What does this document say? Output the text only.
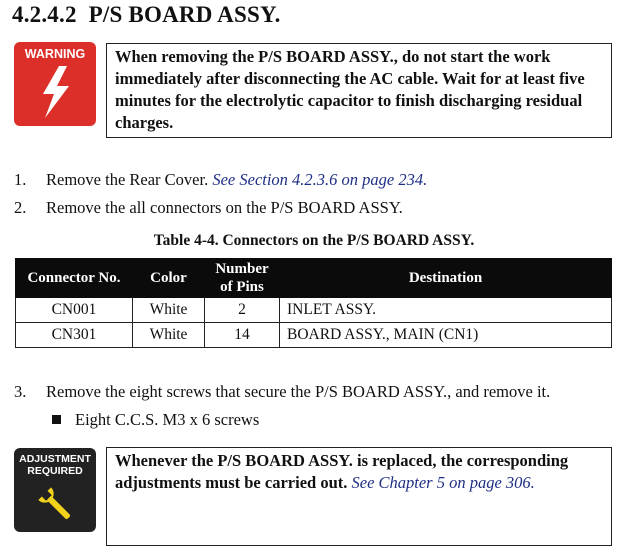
4.2.4.2 P/S BOARD ASSY.
WARNING	When removing the P/S BOARD ASSY., do not start the work immediately after disconnecting the AC cable. Wait for at least five minutes for the electrolytic capacitor to finish discharging residual charges.
1. Remove the Rear Cover. See Section 4.2.3.6 on page 234.
2. Remove the all connectors on the P/S BOARD ASSY.
Table 4-4. Connectors on the P/S BOARD ASSY.
Connector No.	Color	Number of Pins	Destination
CN001	White	2	INLET ASSY.
CN301	White	14	BOARD ASSY., MAIN (CN1)
3. Remove the eight screws that secure the P/S BOARD ASSY., and remove it.
Eight C.C.S. M3 x 6 screws
ADJUSTMENT
REQUIRED
Whenever the P/S BOARD ASSY. is replaced, the corresponding adjustments must be carried out. See Chapter 5 on page 306.
